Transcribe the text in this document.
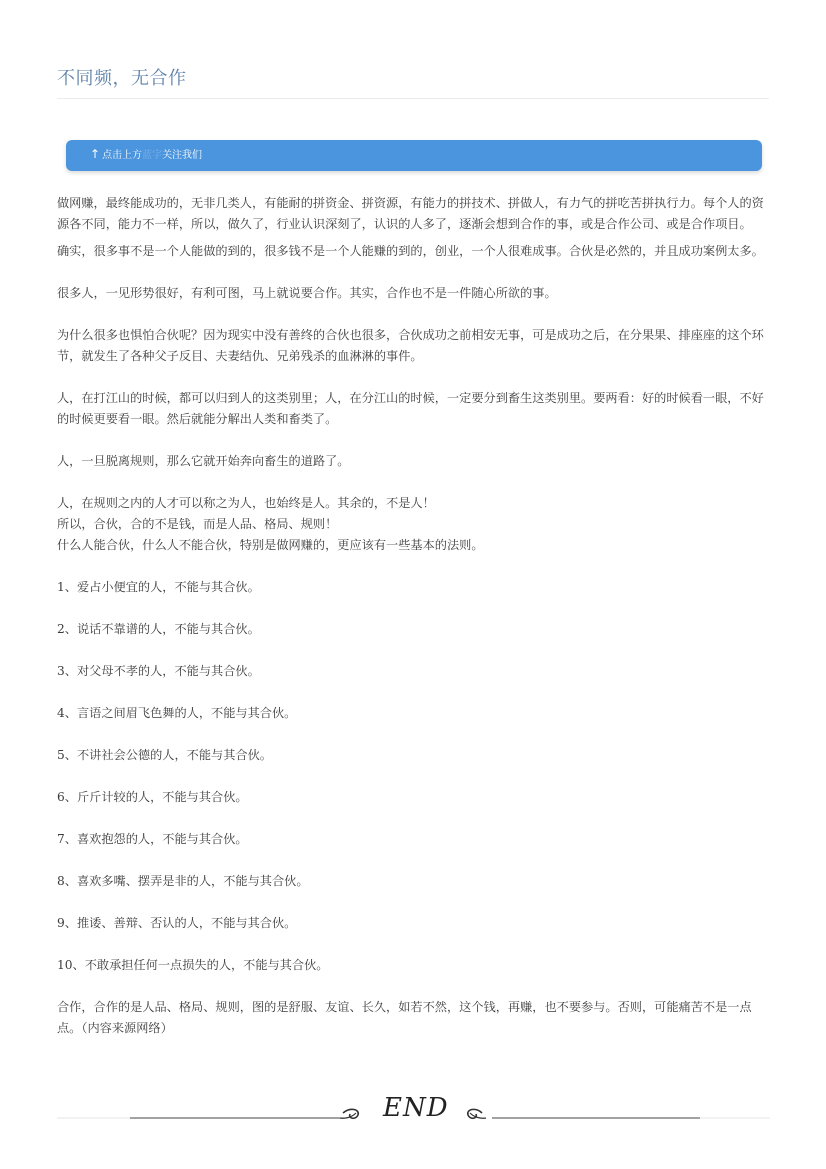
不同频，无合作
↑ 点击上方蓝字关注我们

做网赚，最终能成功的，无非几类人，有能耐的拼资金、拼资源，有能力的拼技术、拼做人，有力气的拼吃苦拼执行力。每个人的资源各不同，能力不一样，所以，做久了，行业认识深刻了，认识的人多了，逐渐会想到合作的事，或是合作公司、或是合作项目。

确实，很多事不是一个人能做的到的，很多钱不是一个人能赚的到的，创业，一个人很难成事。合伙是必然的，并且成功案例太多。

很多人，一见形势很好，有利可图，马上就说要合作。其实，合作也不是一件随心所欲的事。

为什么很多也惧怕合伙呢？因为现实中没有善终的合伙也很多，合伙成功之前相安无事，可是成功之后，在分果果、排座座的这个环节，就发生了各种父子反目、夫妻结仇、兄弟残杀的血淋淋的事件。

人，在打江山的时候，都可以归到人的这类别里；人，在分江山的时候，一定要分到畜生这类别里。要两看：好的时候看一眼，不好的时候更要看一眼。然后就能分解出人类和畜类了。

人，一旦脱离规则，那么它就开始奔向畜生的道路了。

人，在规则之内的人才可以称之为人，也始终是人。其余的，不是人！

所以，合伙，合的不是钱，而是人品、格局、规则！

什么人能合伙，什么人不能合伙，特别是做网赚的，更应该有一些基本的法则。

1、爱占小便宜的人，不能与其合伙。

2、说话不靠谱的人，不能与其合伙。

3、对父母不孝的人，不能与其合伙。

4、言语之间眉飞色舞的人，不能与其合伙。

5、不讲社会公德的人，不能与其合伙。

6、斤斤计较的人，不能与其合伙。

7、喜欢抱怨的人，不能与其合伙。

8、喜欢多嘴、摆弄是非的人，不能与其合伙。

9、推诿、善辩、否认的人，不能与其合伙。

10、不敢承担任何一点损失的人，不能与其合伙。

合作，合作的是人品、格局、规则，图的是舒服、友谊、长久，如若不然，这个钱，再赚，也不要参与。否则，可能痛苦不是一点点。（内容来源网络）

END
